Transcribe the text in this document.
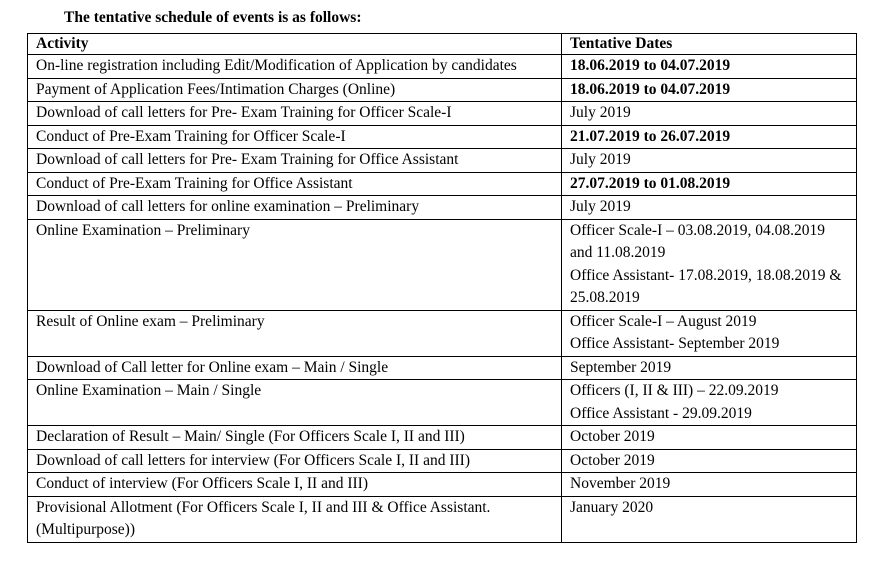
The tentative schedule of events is as follows:
Activity	Tentative Dates
On-line registration including Edit/Modification of Application by candidates	18.06.2019 to 04.07.2019

Payment of Application Fees/Intimation Charges (Online)	18.06.2019 to 04.07.2019

Download of call letters for Pre- Exam Training for Officer Scale-I	July 2019

Conduct of Pre-Exam Training for Officer Scale-I	21.07.2019 to 26.07.2019

Download of call letters for Pre- Exam Training for Office Assistant	July 2019

Conduct of Pre-Exam Training for Office Assistant	27.07.2019 to 01.08.2019

Download of call letters for online examination – Preliminary	July 2019

Online Examination – Preliminary	Officer Scale-I – 03.08.2019, 04.08.2019 and 11.08.2019
Office Assistant- 17.08.2019, 18.08.2019 & 25.08.2019

Result of Online exam – Preliminary	Officer Scale-I – August 2019
Office Assistant- September 2019

Download of Call letter for Online exam – Main / Single	September 2019

Online Examination – Main / Single	Officers (I, II & III) – 22.09.2019
Office Assistant - 29.09.2019

Declaration of Result – Main/ Single (For Officers Scale I, II and III)	October 2019

Download of call letters for interview (For Officers Scale I, II and III)	October 2019

Conduct of interview (For Officers Scale I, II and III)	November 2019

Provisional Allotment (For Officers Scale I, II and III & Office Assistant. (Multipurpose))	January 2020
